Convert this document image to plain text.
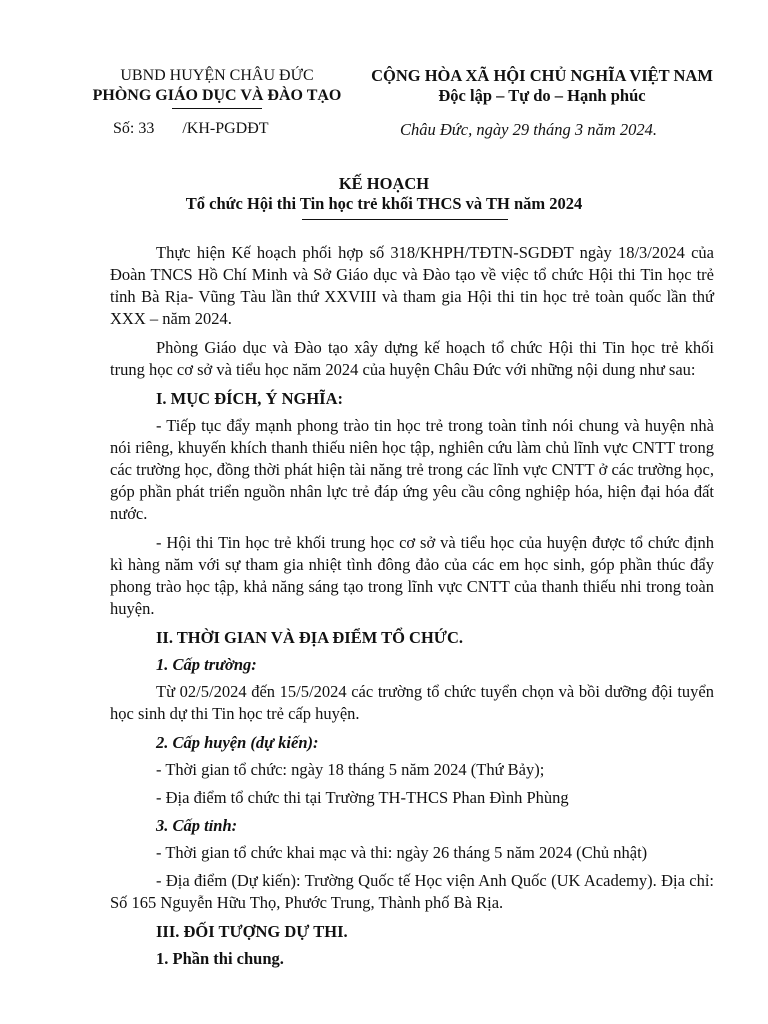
UBND HUYỆN CHÂU ĐỨC
PHÒNG GIÁO DỤC VÀ ĐÀO TẠO
CỘNG HÒA XÃ HỘI CHỦ NGHĨA VIỆT NAM
Độc lập – Tự do – Hạnh phúc
Số: 33 /KH-PGDĐT	Châu Đức, ngày 29 tháng 3 năm 2024.
KẾ HOẠCH
Tổ chức Hội thi Tin học trẻ khối THCS và TH năm 2024

Thực hiện Kế hoạch phối hợp số 318/KHPH/TĐTN-SGDĐT ngày 18/3/2024 của Đoàn TNCS Hồ Chí Minh và Sở Giáo dục và Đào tạo về việc tổ chức Hội thi Tin học trẻ tỉnh Bà Rịa- Vũng Tàu lần thứ XXVIII và tham gia Hội thi tin học trẻ toàn quốc lần thứ XXX – năm 2024.

Phòng Giáo dục và Đào tạo xây dựng kế hoạch tổ chức Hội thi Tin học trẻ khối trung học cơ sở và tiểu học năm 2024 của huyện Châu Đức với những nội dung như sau:

I. MỤC ĐÍCH, Ý NGHĨA:

- Tiếp tục đẩy mạnh phong trào tin học trẻ trong toàn tỉnh nói chung và huyện nhà nói riêng, khuyến khích thanh thiếu niên học tập, nghiên cứu làm chủ lĩnh vực CNTT trong các trường học, đồng thời phát hiện tài năng trẻ trong các lĩnh vực CNTT ở các trường học, góp phần phát triển nguồn nhân lực trẻ đáp ứng yêu cầu công nghiệp hóa, hiện đại hóa đất nước.

- Hội thi Tin học trẻ khối trung học cơ sở và tiểu học của huyện được tổ chức định kì hàng năm với sự tham gia nhiệt tình đông đảo của các em học sinh, góp phần thúc đẩy phong trào học tập, khả năng sáng tạo trong lĩnh vực CNTT của thanh thiếu nhi trong toàn huyện.

II. THỜI GIAN VÀ ĐỊA ĐIỂM TỔ CHỨC.

1. Cấp trường:

Từ 02/5/2024 đến 15/5/2024 các trường tổ chức tuyển chọn và bồi dưỡng đội tuyển học sinh dự thi Tin học trẻ cấp huyện.

2. Cấp huyện (dự kiến):

- Thời gian tổ chức: ngày 18 tháng 5 năm 2024 (Thứ Bảy);

- Địa điểm tổ chức thi tại Trường TH-THCS Phan Đình Phùng

3. Cấp tỉnh:

- Thời gian tổ chức khai mạc và thi: ngày 26 tháng 5 năm 2024 (Chủ nhật)

- Địa điểm (Dự kiến): Trường Quốc tế Học viện Anh Quốc (UK Academy). Địa chỉ: Số 165 Nguyễn Hữu Thọ, Phước Trung, Thành phố Bà Rịa.

III. ĐỐI TƯỢNG DỰ THI.

1. Phần thi chung.
